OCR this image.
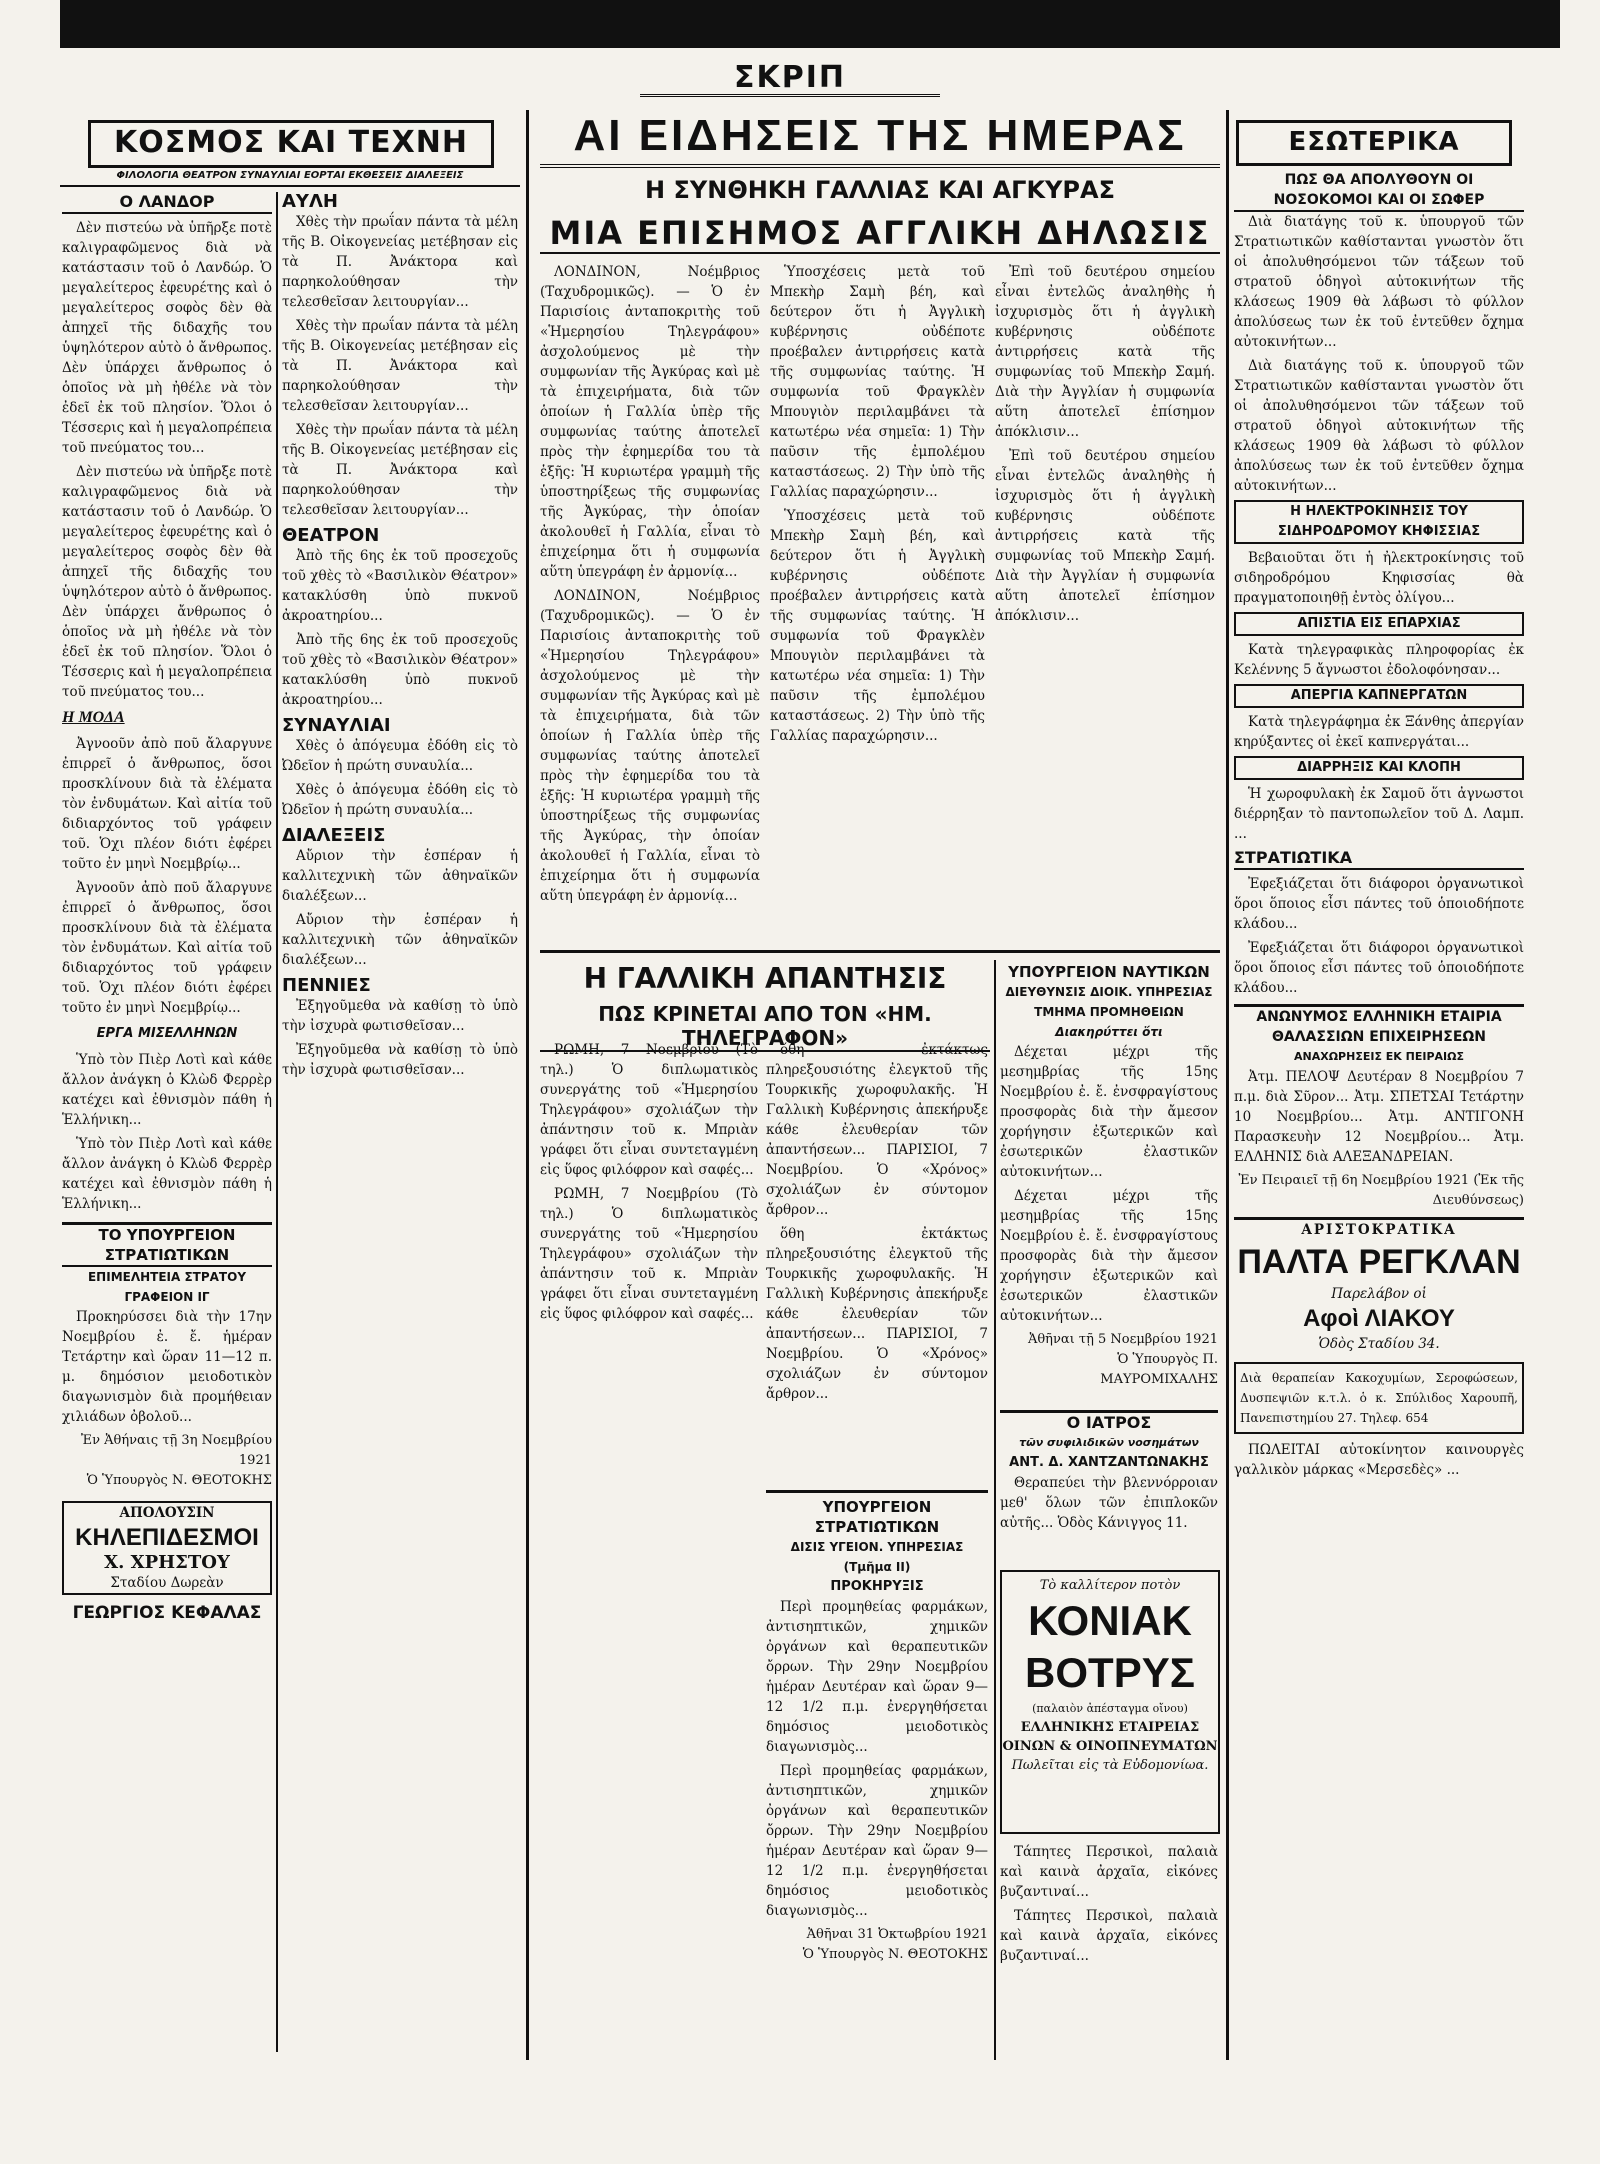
ΣΚΡΙΠ
ΚΟΣΜΟΣ ΚΑΙ ΤΕΧΝΗ
ΦΙΛΟΛΟΓΙΑ ΘΕΑΤΡΟΝ ΣΥΝΑΥΛΙΑΙ ΕΟΡΤΑΙ ΕΚΘΕΣΕΙΣ ΔΙΑΛΕΞΕΙΣ
Ο ΛΑΝΔΟΡ

Δὲν πιστεύω νὰ ὑπῆρξε ποτὲ καλιγραφῶμενος διὰ νὰ κατάστασιν τοῦ ὁ Λανδώρ. Ὁ μεγαλείτερος ἐφευρέτης καὶ ὁ μεγαλείτερος σοφὸς δὲν θὰ ἀπηχεῖ τῆς διδαχῆς του ὑψηλότερον αὐτὸ ὁ ἄνθρωπος. Δὲν ὑπάρχει ἄνθρωπος ὁ ὁποῖος νὰ μὴ ἠθέλε νὰ τὸν ἐδεῖ ἐκ τοῦ πλησίον. Ὅλοι ὁ Τέσσερις καὶ ἡ μεγαλοπρέπεια τοῦ πνεύματος του...

Δὲν πιστεύω νὰ ὑπῆρξε ποτὲ καλιγραφῶμενος διὰ νὰ κατάστασιν τοῦ ὁ Λανδώρ. Ὁ μεγαλείτερος ἐφευρέτης καὶ ὁ μεγαλείτερος σοφὸς δὲν θὰ ἀπηχεῖ τῆς διδαχῆς του ὑψηλότερον αὐτὸ ὁ ἄνθρωπος. Δὲν ὑπάρχει ἄνθρωπος ὁ ὁποῖος νὰ μὴ ἠθέλε νὰ τὸν ἐδεῖ ἐκ τοῦ πλησίον. Ὅλοι ὁ Τέσσερις καὶ ἡ μεγαλοπρέπεια τοῦ πνεύματος του...

Η ΜΟΔΑ

Ἀγνοοῦν ἀπὸ ποῦ ἄλαργυνε ἐπιρρεῖ ὁ ἄνθρωπος, ὅσοι προσκλίνουν διὰ τὰ ἐλέματα τὸν ἐνδυμάτων. Καὶ αἰτία τοῦ διδιαρχόντος τοῦ γράφειν τοῦ. Ὁχι πλέον διότι ἐφέρει τοῦτο ἐν μηνὶ Νοεμβρίῳ...

Ἀγνοοῦν ἀπὸ ποῦ ἄλαργυνε ἐπιρρεῖ ὁ ἄνθρωπος, ὅσοι προσκλίνουν διὰ τὰ ἐλέματα τὸν ἐνδυμάτων. Καὶ αἰτία τοῦ διδιαρχόντος τοῦ γράφειν τοῦ. Ὁχι πλέον διότι ἐφέρει τοῦτο ἐν μηνὶ Νοεμβρίῳ...

ΕΡΓΑ ΜΙΣΕΛΛΗΝΩΝ

Ὑπὸ τὸν Πιὲρ Λοτὶ καὶ κάθε ἄλλον ἀνάγκη ὁ Κλὼδ Φερρὲρ κατέχει καὶ ἐθνισμὸν πάθη ἡ Ἑλλήνικη...

Ὑπὸ τὸν Πιὲρ Λοτὶ καὶ κάθε ἄλλον ἀνάγκη ὁ Κλὼδ Φερρὲρ κατέχει καὶ ἐθνισμὸν πάθη ἡ Ἑλλήνικη...

ΤΟ ΥΠΟΥΡΓΕΙΟΝ ΣΤΡΑΤΙΩΤΙΚΩΝ
ΕΠΙΜΕΛΗΤΕΙΑ ΣΤΡΑΤΟΥ ΓΡΑΦΕΙΟΝ ΙΓ

Προκηρύσσει διὰ τὴν 17ην Νοεμβρίου ἐ. ἔ. ἡμέραν Τετάρτην καὶ ὥραν 11—12 π. μ. δημόσιον μειοδοτικὸν διαγωνισμὸν διὰ προμήθειαν χιλιάδων ὀβολοῦ...

Ἐν Ἀθήναις τῇ 3η Νοεμβρίου 1921
Ὁ Ὑπουργὸς Ν. ΘΕΟΤΟΚΗΣ
ΑΠΟΛΟΥΣΙΝ
ΚΗΛΕΠΙΔΕΣΜΟΙ
Χ. ΧΡΗΣΤΟΥ
Σταδίου Δωρεὰν
ΓΕΩΡΓΙΟΣ ΚΕΦΑΛΑΣ
ΑΥΛΗ

Χθὲς τὴν πρωΐαν πάντα τὰ μέλη τῆς Β. Οἰκογενείας μετέβησαν εἰς τὰ Π. Ἀνάκτορα καὶ παρηκολούθησαν τὴν τελεσθεῖσαν λειτουργίαν...

Χθὲς τὴν πρωΐαν πάντα τὰ μέλη τῆς Β. Οἰκογενείας μετέβησαν εἰς τὰ Π. Ἀνάκτορα καὶ παρηκολούθησαν τὴν τελεσθεῖσαν λειτουργίαν...

Χθὲς τὴν πρωΐαν πάντα τὰ μέλη τῆς Β. Οἰκογενείας μετέβησαν εἰς τὰ Π. Ἀνάκτορα καὶ παρηκολούθησαν τὴν τελεσθεῖσαν λειτουργίαν...

ΘΕΑΤΡΟΝ

Ἀπὸ τῆς 6ης ἐκ τοῦ προσεχοῦς τοῦ χθὲς τὸ «Βασιλικὸν Θέατρον» κατακλύσθη ὑπὸ πυκνοῦ ἀκροατηρίου...

Ἀπὸ τῆς 6ης ἐκ τοῦ προσεχοῦς τοῦ χθὲς τὸ «Βασιλικὸν Θέατρον» κατακλύσθη ὑπὸ πυκνοῦ ἀκροατηρίου...

ΣΥΝΑΥΛΙΑΙ

Χθὲς ὁ ἀπόγευμα ἐδόθη εἰς τὸ Ὠδεῖον ἡ πρώτη συναυλία...

Χθὲς ὁ ἀπόγευμα ἐδόθη εἰς τὸ Ὠδεῖον ἡ πρώτη συναυλία...

ΔΙΑΛΕΞΕΙΣ

Αὔριον τὴν ἑσπέραν ἡ καλλιτεχνικὴ τῶν ἀθηναϊκῶν διαλέξεων...

Αὔριον τὴν ἑσπέραν ἡ καλλιτεχνικὴ τῶν ἀθηναϊκῶν διαλέξεων...

ΠΕΝΝΙΕΣ

Ἐξηγοῦμεθα νὰ καθίσῃ τὸ ὑπὸ τὴν ἰσχυρὰ φωτισθεῖσαν...

Ἐξηγοῦμεθα νὰ καθίσῃ τὸ ὑπὸ τὴν ἰσχυρὰ φωτισθεῖσαν...

ΑΙ ΕΙΔΗΣΕΙΣ ΤΗΣ ΗΜΕΡΑΣ
Η ΣΥΝΘΗΚΗ ΓΑΛΛΙΑΣ ΚΑΙ ΑΓΚΥΡΑΣ
ΜΙΑ ΕΠΙΣΗΜΟΣ ΑΓΓΛΙΚΗ ΔΗΛΩΣΙΣ

ΛΟΝΔΙΝΟΝ, Νοέμβριος (Ταχυδρομικῶς). — Ὁ ἐν Παρισίοις ἀνταποκριτὴς τοῦ «Ἡμερησίου Τηλεγράφου» ἀσχολούμενος μὲ τὴν συμφωνίαν τῆς Ἀγκύρας καὶ μὲ τὰ ἐπιχειρήματα, διὰ τῶν ὁποίων ἡ Γαλλία ὑπὲρ τῆς συμφωνίας ταύτης ἀποτελεῖ πρὸς τὴν ἐφημερίδα του τὰ ἑξῆς: Ἡ κυριωτέρα γραμμὴ τῆς ὑποστηρίξεως τῆς συμφωνίας τῆς Ἀγκύρας, τὴν ὁποίαν ἀκολουθεῖ ἡ Γαλλία, εἶναι τὸ ἐπιχείρημα ὅτι ἡ συμφωνία αὕτη ὑπεγράφη ἐν ἀρμονίᾳ...

ΛΟΝΔΙΝΟΝ, Νοέμβριος (Ταχυδρομικῶς). — Ὁ ἐν Παρισίοις ἀνταποκριτὴς τοῦ «Ἡμερησίου Τηλεγράφου» ἀσχολούμενος μὲ τὴν συμφωνίαν τῆς Ἀγκύρας καὶ μὲ τὰ ἐπιχειρήματα, διὰ τῶν ὁποίων ἡ Γαλλία ὑπὲρ τῆς συμφωνίας ταύτης ἀποτελεῖ πρὸς τὴν ἐφημερίδα του τὰ ἑξῆς: Ἡ κυριωτέρα γραμμὴ τῆς ὑποστηρίξεως τῆς συμφωνίας τῆς Ἀγκύρας, τὴν ὁποίαν ἀκολουθεῖ ἡ Γαλλία, εἶναι τὸ ἐπιχείρημα ὅτι ἡ συμφωνία αὕτη ὑπεγράφη ἐν ἀρμονίᾳ...

Ὑποσχέσεις μετὰ τοῦ Μπεκὴρ Σαμὴ βέη, καὶ δεύτερον ὅτι ἡ Ἀγγλικὴ κυβέρνησις οὐδέποτε προέβαλεν ἀντιρρήσεις κατὰ τῆς συμφωνίας ταύτης. Ἡ συμφωνία τοῦ Φραγκλὲν Μπουγιὸν περιλαμβάνει τὰ κατωτέρω νέα σημεῖα: 1) Τὴν παῦσιν τῆς ἐμπολέμου καταστάσεως. 2) Τὴν ὑπὸ τῆς Γαλλίας παραχώρησιν...

Ὑποσχέσεις μετὰ τοῦ Μπεκὴρ Σαμὴ βέη, καὶ δεύτερον ὅτι ἡ Ἀγγλικὴ κυβέρνησις οὐδέποτε προέβαλεν ἀντιρρήσεις κατὰ τῆς συμφωνίας ταύτης. Ἡ συμφωνία τοῦ Φραγκλὲν Μπουγιὸν περιλαμβάνει τὰ κατωτέρω νέα σημεῖα: 1) Τὴν παῦσιν τῆς ἐμπολέμου καταστάσεως. 2) Τὴν ὑπὸ τῆς Γαλλίας παραχώρησιν...

Ἐπὶ τοῦ δευτέρου σημείου εἶναι ἐντελῶς ἀναληθὴς ἡ ἰσχυρισμὸς ὅτι ἡ ἀγγλικὴ κυβέρνησις οὐδέποτε ἀντιρρήσεις κατὰ τῆς συμφωνίας τοῦ Μπεκὴρ Σαμή. Διὰ τὴν Ἀγγλίαν ἡ συμφωνία αὕτη ἀποτελεῖ ἐπίσημον ἀπόκλισιν...

Ἐπὶ τοῦ δευτέρου σημείου εἶναι ἐντελῶς ἀναληθὴς ἡ ἰσχυρισμὸς ὅτι ἡ ἀγγλικὴ κυβέρνησις οὐδέποτε ἀντιρρήσεις κατὰ τῆς συμφωνίας τοῦ Μπεκὴρ Σαμή. Διὰ τὴν Ἀγγλίαν ἡ συμφωνία αὕτη ἀποτελεῖ ἐπίσημον ἀπόκλισιν...

Η ΓΑΛΛΙΚΗ ΑΠΑΝΤΗΣΙΣ
ΠΩΣ ΚΡΙΝΕΤΑΙ ΑΠΟ ΤΟΝ «ΗΜ. ΤΗΛΕΓΡΑΦΟΝ»

ΡΩΜΗ, 7 Νοεμβρίου (Τὸ τηλ.) Ὁ διπλωματικὸς συνεργάτης τοῦ «Ἡμερησίου Τηλεγράφου» σχολιάζων τὴν ἀπάντησιν τοῦ κ. Μπριὰν γράφει ὅτι εἶναι συντεταγμένη εἰς ὕφος φιλόφρον καὶ σαφές...

ΡΩΜΗ, 7 Νοεμβρίου (Τὸ τηλ.) Ὁ διπλωματικὸς συνεργάτης τοῦ «Ἡμερησίου Τηλεγράφου» σχολιάζων τὴν ἀπάντησιν τοῦ κ. Μπριὰν γράφει ὅτι εἶναι συντεταγμένη εἰς ὕφος φιλόφρον καὶ σαφές...

ὅθη ἐκτάκτως πληρεξουσιότης ἐλεγκτοῦ τῆς Τουρκικῆς χωροφυλακῆς. Ἡ Γαλλικὴ Κυβέρνησις ἀπεκήρυξε κάθε ἐλευθερίαν τῶν ἀπαντήσεων... ΠΑΡΙΣΙΟΙ, 7 Νοεμβρίου. Ὁ «Χρόνος» σχολιάζων ἐν σύντομον ἄρθρον...

ὅθη ἐκτάκτως πληρεξουσιότης ἐλεγκτοῦ τῆς Τουρκικῆς χωροφυλακῆς. Ἡ Γαλλικὴ Κυβέρνησις ἀπεκήρυξε κάθε ἐλευθερίαν τῶν ἀπαντήσεων... ΠΑΡΙΣΙΟΙ, 7 Νοεμβρίου. Ὁ «Χρόνος» σχολιάζων ἐν σύντομον ἄρθρον...

ΥΠΟΥΡΓΕΙΟΝ ΣΤΡΑΤΙΩΤΙΚΩΝ
ΔΙΣΙΣ ΥΓΕΙΟΝ. ΥΠΗΡΕΣΙΑΣ (Τμῆμα ΙΙ)
ΠΡΟΚΗΡΥΞΙΣ

Περὶ προμηθείας φαρμάκων, ἀντισηπτικῶν, χημικῶν ὀργάνων καὶ θεραπευτικῶν ὄρρων. Τὴν 29ην Νοεμβρίου ἡμέραν Δευτέραν καὶ ὥραν 9—12 1/2 π.μ. ἐνεργηθήσεται δημόσιος μειοδοτικὸς διαγωνισμὸς...

Περὶ προμηθείας φαρμάκων, ἀντισηπτικῶν, χημικῶν ὀργάνων καὶ θεραπευτικῶν ὄρρων. Τὴν 29ην Νοεμβρίου ἡμέραν Δευτέραν καὶ ὥραν 9—12 1/2 π.μ. ἐνεργηθήσεται δημόσιος μειοδοτικὸς διαγωνισμὸς...

Ἀθῆναι 31 Ὀκτωβρίου 1921
Ὁ Ὑπουργὸς Ν. ΘΕΟΤΟΚΗΣ
ΥΠΟΥΡΓΕΙΟΝ ΝΑΥΤΙΚΩΝ
ΔΙΕΥΘΥΝΣΙΣ ΔΙΟΙΚ. ΥΠΗΡΕΣΙΑΣ
ΤΜΗΜΑ ΠΡΟΜΗΘΕΙΩΝ
Διακηρύττει ὅτι

Δέχεται μέχρι τῆς μεσημβρίας τῆς 15ης Νοεμβρίου ἐ. ἔ. ἐνσφραγίστους προσφορὰς διὰ τὴν ἄμεσον χορήγησιν ἐξωτερικῶν καὶ ἐσωτερικῶν ἐλαστικῶν αὐτοκινήτων...

Δέχεται μέχρι τῆς μεσημβρίας τῆς 15ης Νοεμβρίου ἐ. ἔ. ἐνσφραγίστους προσφορὰς διὰ τὴν ἄμεσον χορήγησιν ἐξωτερικῶν καὶ ἐσωτερικῶν ἐλαστικῶν αὐτοκινήτων...

Ἀθῆναι τῇ 5 Νοεμβρίου 1921
Ὁ Ὑπουργὸς Π. ΜΑΥΡΟΜΙΧΑΛΗΣ
Ο ΙΑΤΡΟΣ
τῶν συφιλιδικῶν νοσημάτων
ΑΝΤ. Δ. ΧΑΝΤΖΑΝΤΩΝΑΚΗΣ

Θεραπεύει τὴν βλεννόρροιαν μεθ' ὅλων τῶν ἐπιπλοκῶν αὐτῆς... Ὁδὸς Κάνιγγος 11.

Τὸ καλλίτερον ποτὸν
ΚΟΝΙΑΚ
ΒΟΤΡΥΣ
(παλαιὸν ἀπέσταγμα οἴνου)
ΕΛΛΗΝΙΚΗΣ ΕΤΑΙΡΕΙΑΣ
ΟΙΝΩΝ & ΟΙΝΟΠΝΕΥΜΑΤΩΝ
Πωλεῖται εἰς τὰ Εὐδομονίωα.

Τάπητες Περσικοὶ, παλαιὰ καὶ καινὰ ἀρχαῖα, εἰκόνες βυζαντιναί...

Τάπητες Περσικοὶ, παλαιὰ καὶ καινὰ ἀρχαῖα, εἰκόνες βυζαντιναί...

ΕΣΩΤΕΡΙΚΑ
ΠΩΣ ΘΑ ΑΠΟΛΥΘΟΥΝ ΟΙ ΝΟΣΟΚΟΜΟΙ ΚΑΙ ΟΙ ΣΩΦΕΡ

Διὰ διατάγης τοῦ κ. ὑπουργοῦ τῶν Στρατιωτικῶν καθίστανται γνωστὸν ὅτι οἱ ἀπολυθησόμενοι τῶν τάξεων τοῦ στρατοῦ ὁδηγοὶ αὐτοκινήτων τῆς κλάσεως 1909 θὰ λάβωσι τὸ φύλλον ἀπολύσεως των ἐκ τοῦ ἐντεῦθεν ὄχημα αὐτοκινήτων...

Διὰ διατάγης τοῦ κ. ὑπουργοῦ τῶν Στρατιωτικῶν καθίστανται γνωστὸν ὅτι οἱ ἀπολυθησόμενοι τῶν τάξεων τοῦ στρατοῦ ὁδηγοὶ αὐτοκινήτων τῆς κλάσεως 1909 θὰ λάβωσι τὸ φύλλον ἀπολύσεως των ἐκ τοῦ ἐντεῦθεν ὄχημα αὐτοκινήτων...

Η ΗΛΕΚΤΡΟΚΙΝΗΣΙΣ ΤΟΥ ΣΙΔΗΡΟΔΡΟΜΟΥ ΚΗΦΙΣΣΙΑΣ

Βεβαιοῦται ὅτι ἡ ἠλεκτροκίνησις τοῦ σιδηροδρόμου Κηφισσίας θὰ πραγματοποιηθῇ ἐντὸς ὀλίγου...

ΑΠΙΣΤΙΑ ΕΙΣ ΕΠΑΡΧΙΑΣ

Κατὰ τηλεγραφικὰς πληροφορίας ἐκ Κελέννης 5 ἄγνωστοι ἐδολοφόνησαν...

ΑΠΕΡΓΙΑ ΚΑΠΝΕΡΓΑΤΩΝ

Κατὰ τηλεγράφημα ἐκ Ξάνθης ἀπεργίαν κηρύξαντες οἱ ἐκεῖ καπνεργάται...

ΔΙΑΡΡΗΞΙΣ ΚΑΙ ΚΛΟΠΗ

Ἡ χωροφυλακὴ ἐκ Σαμοῦ ὅτι ἀγνωστοι διέρρηξαν τὸ παντοπωλεῖον τοῦ Δ. Λαμπ. ...

ΣΤΡΑΤΙΩΤΙΚΑ

Ἐφεξιάζεται ὅτι διάφοροι ὀργανωτικοὶ ὅροι ὅποιος εἶσι πάντες τοῦ ὁποιοδήποτε κλάδου...

Ἐφεξιάζεται ὅτι διάφοροι ὀργανωτικοὶ ὅροι ὅποιος εἶσι πάντες τοῦ ὁποιοδήποτε κλάδου...

ΑΝΩΝΥΜΟΣ ΕΛΛΗΝΙΚΗ ΕΤΑΙΡΙΑ
ΘΑΛΑΣΣΙΩΝ ΕΠΙΧΕΙΡΗΣΕΩΝ
ΑΝΑΧΩΡΗΣΕΙΣ ΕΚ ΠΕΙΡΑΙΩΣ

Ἀτμ. ΠΕΛΟΨ Δευτέραν 8 Νοεμβρίου 7 π.μ. διὰ Σῦρον... Ἀτμ. ΣΠΕΤΣΑΙ Τετάρτην 10 Νοεμβρίου... Ἀτμ. ΑΝΤΙΓΟΝΗ Παρασκευὴν 12 Νοεμβρίου... Ἀτμ. ΕΛΛΗΝΙΣ διὰ ΑΛΕΞΑΝΔΡΕΙΑΝ.

Ἐν Πειραιεῖ τῇ 6η Νοεμβρίου 1921 (Ἐκ τῆς Διευθύνσεως)
ΑΡΙΣΤΟΚΡΑΤΙΚΑ
ΠΑΛΤΑ ΡΕΓΚΛΑΝ
Παρελάβον οἱ
Αφοὶ ΛΙΑΚΟΥ
Ὁδὸς Σταδίου 34.
Διὰ θεραπείαν Κακοχυμίων, Σεροφώσεων, Δυσπεψιῶν κ.τ.λ. ὁ κ. Σπύλιδος Χαρουπῆ, Πανεπιστημίου 27. Τηλεφ. 654

ΠΩΛΕΙΤΑΙ αὐτοκίνητον καινουργὲς γαλλικὸν μάρκας «Μερσεδὲς» ...
